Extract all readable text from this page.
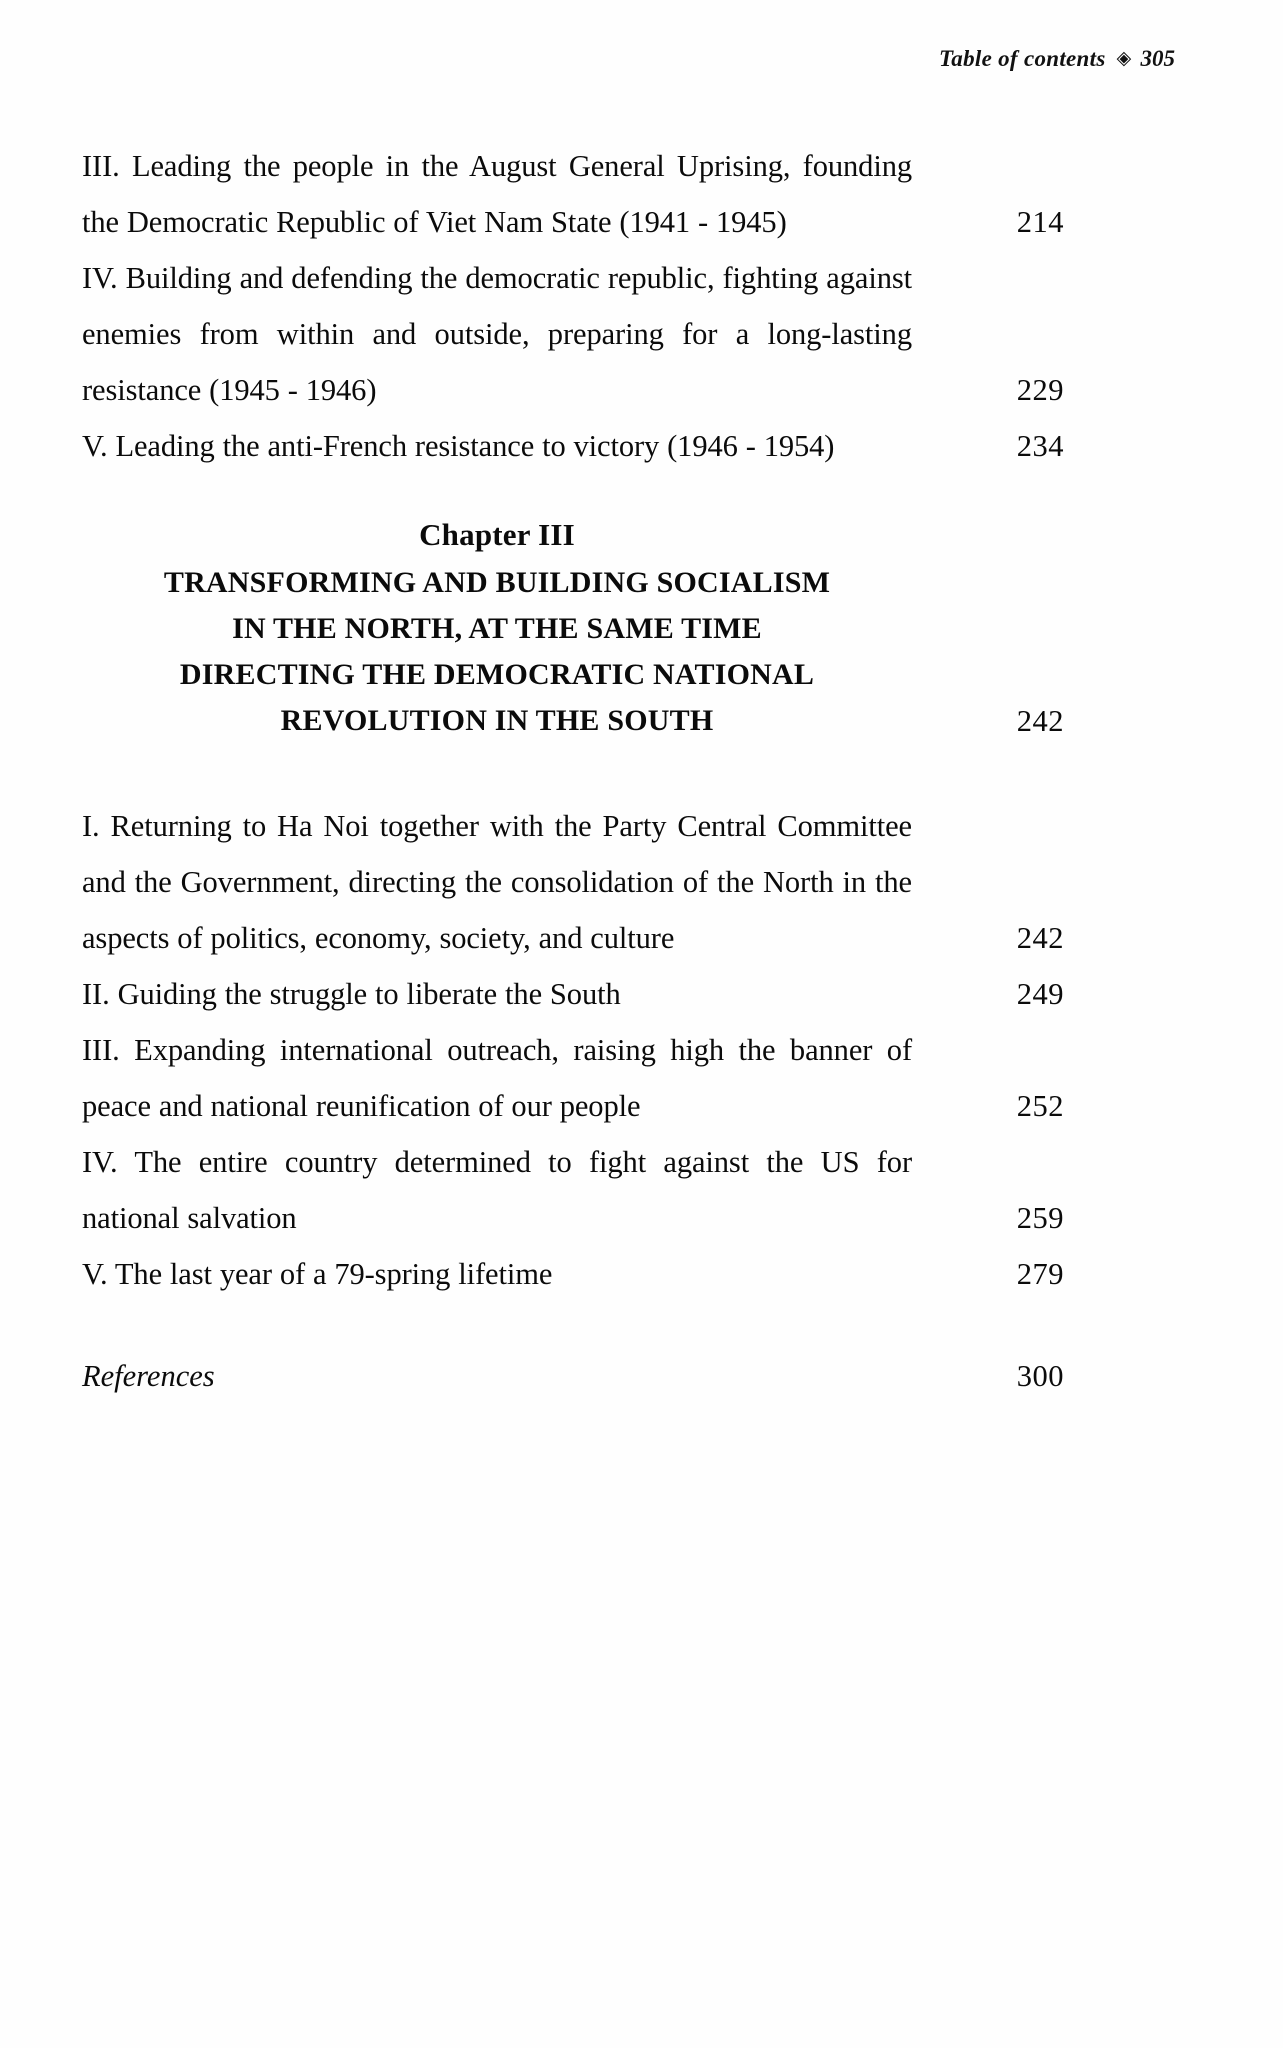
Table of contents ◈ 305
III. Leading the people in the August General Uprising, founding the Democratic Republic of Viet Nam State (1941 - 1945)	214
IV. Building and defending the democratic republic, fighting against enemies from within and outside, preparing for a long-lasting resistance (1945 - 1946)	229
V. Leading the anti-French resistance to victory (1946 - 1954)	234
Chapter III
TRANSFORMING AND BUILDING SOCIALISM
IN THE NORTH, AT THE SAME TIME
DIRECTING THE DEMOCRATIC NATIONAL
REVOLUTION IN THE SOUTH	242
I. Returning to Ha Noi together with the Party Central Committee and the Government, directing the consolidation of the North in the aspects of politics, economy, society, and culture	242
II. Guiding the struggle to liberate the South	249
III. Expanding international outreach, raising high the banner of peace and national reunification of our people	252
IV. The entire country determined to fight against the US for national salvation	259
V. The last year of a 79-spring lifetime	279
References	300
